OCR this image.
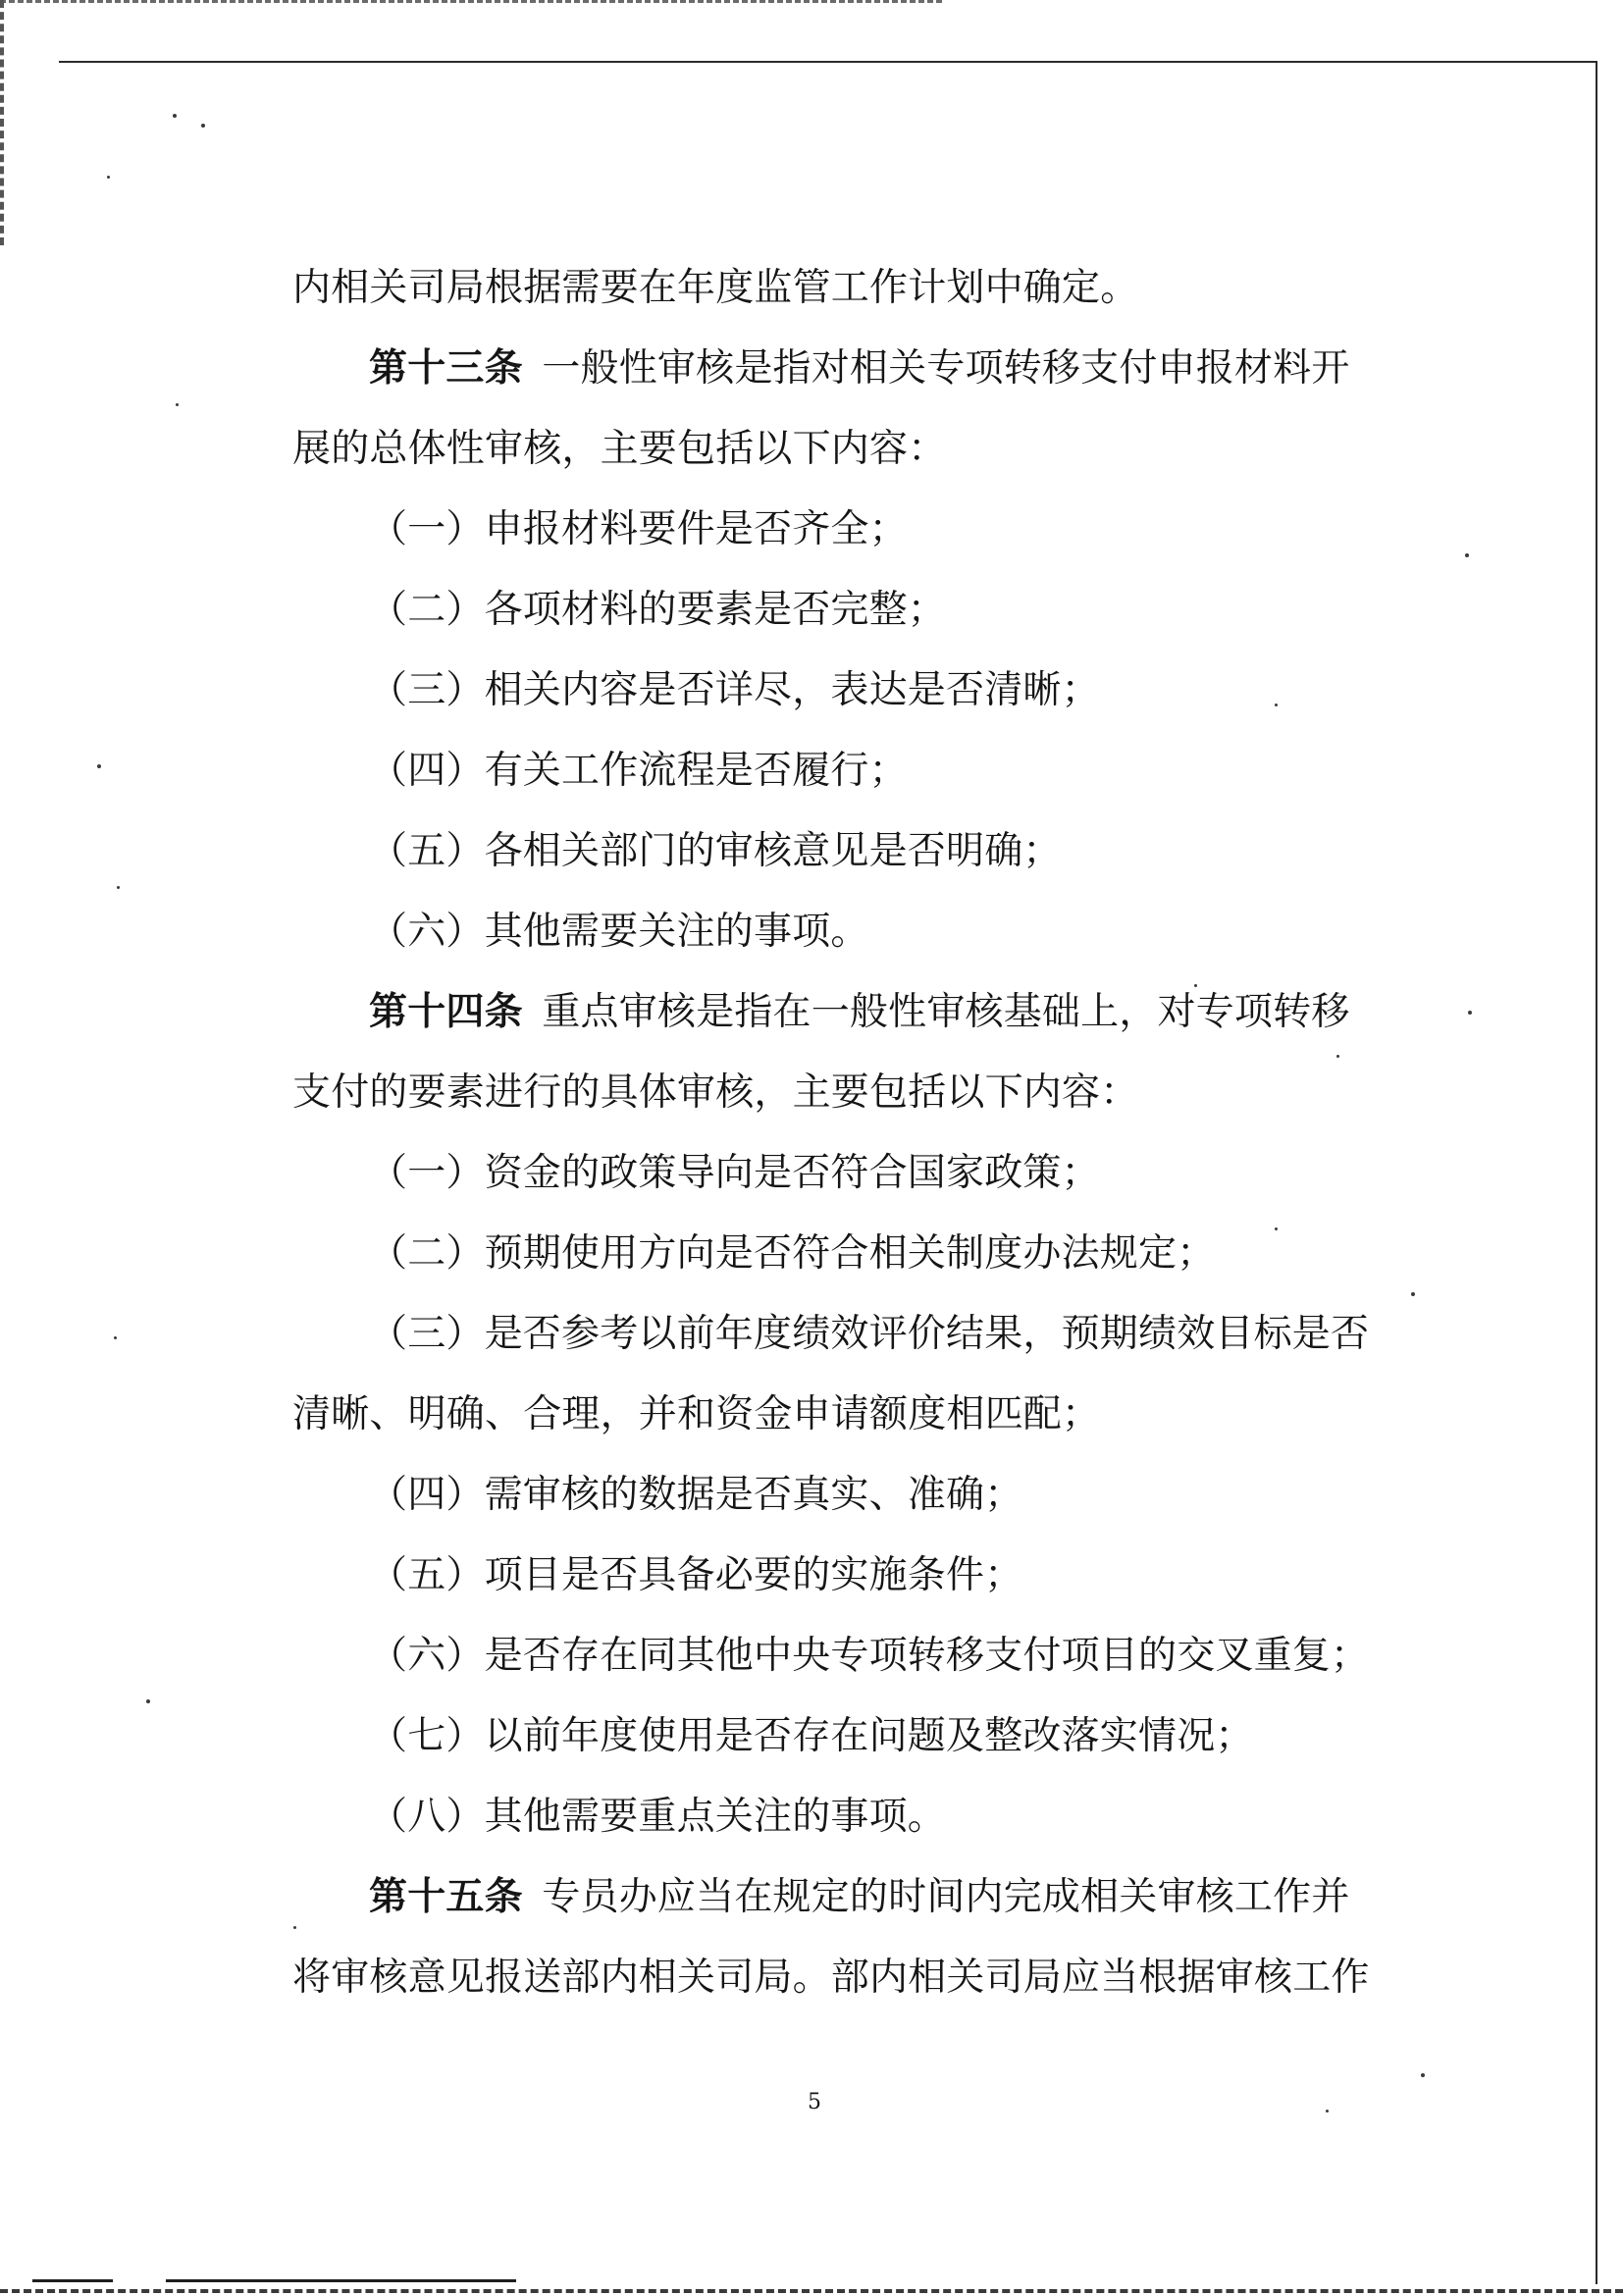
内相关司局根据需要在年度监管工作计划中确定。
第十三条 一般性审核是指对相关专项转移支付申报材料开
展的总体性审核，主要包括以下内容：
（一）申报材料要件是否齐全；
（二）各项材料的要素是否完整；
（三）相关内容是否详尽，表达是否清晰；
（四）有关工作流程是否履行；
（五）各相关部门的审核意见是否明确；
（六）其他需要关注的事项。
第十四条 重点审核是指在一般性审核基础上，对专项转移
支付的要素进行的具体审核，主要包括以下内容：
（一）资金的政策导向是否符合国家政策；
（二）预期使用方向是否符合相关制度办法规定；
（三）是否参考以前年度绩效评价结果，预期绩效目标是否
清晰、明确、合理，并和资金申请额度相匹配；
（四）需审核的数据是否真实、准确；
（五）项目是否具备必要的实施条件；
（六）是否存在同其他中央专项转移支付项目的交叉重复；
（七）以前年度使用是否存在问题及整改落实情况；
（八）其他需要重点关注的事项。
第十五条 专员办应当在规定的时间内完成相关审核工作并
将审核意见报送部内相关司局。部内相关司局应当根据审核工作
5
